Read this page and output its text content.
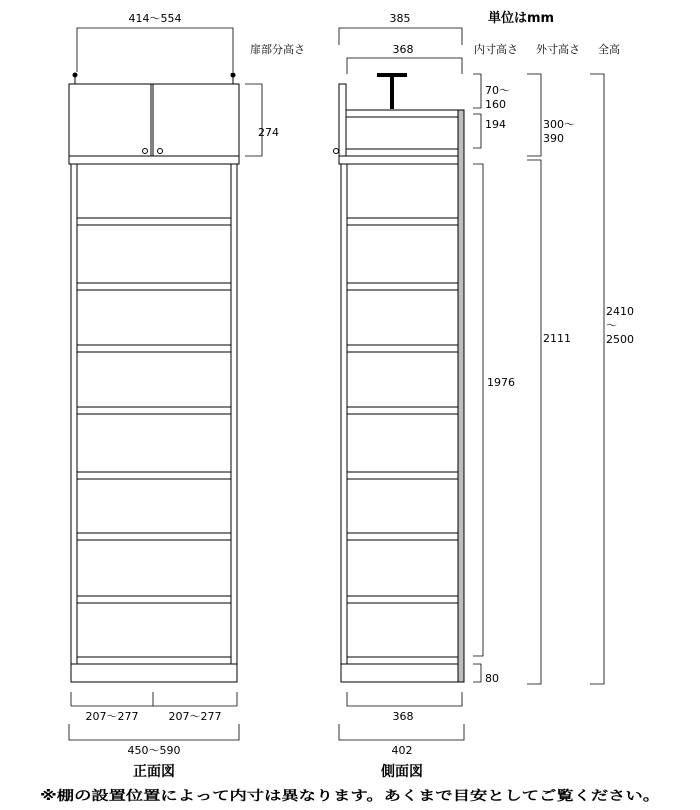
414〜554
274
207〜277	207〜277
450〜590
正面図
385
368
368
402
側面図
単位はmm
扉部分高さ	内寸高さ 外寸高さ 全高
70〜
160
194
1976
80
300〜
390
2111
2410
〜
2500
※棚の設置位置によって内寸は異なります。あくまで目安としてご覧ください。
